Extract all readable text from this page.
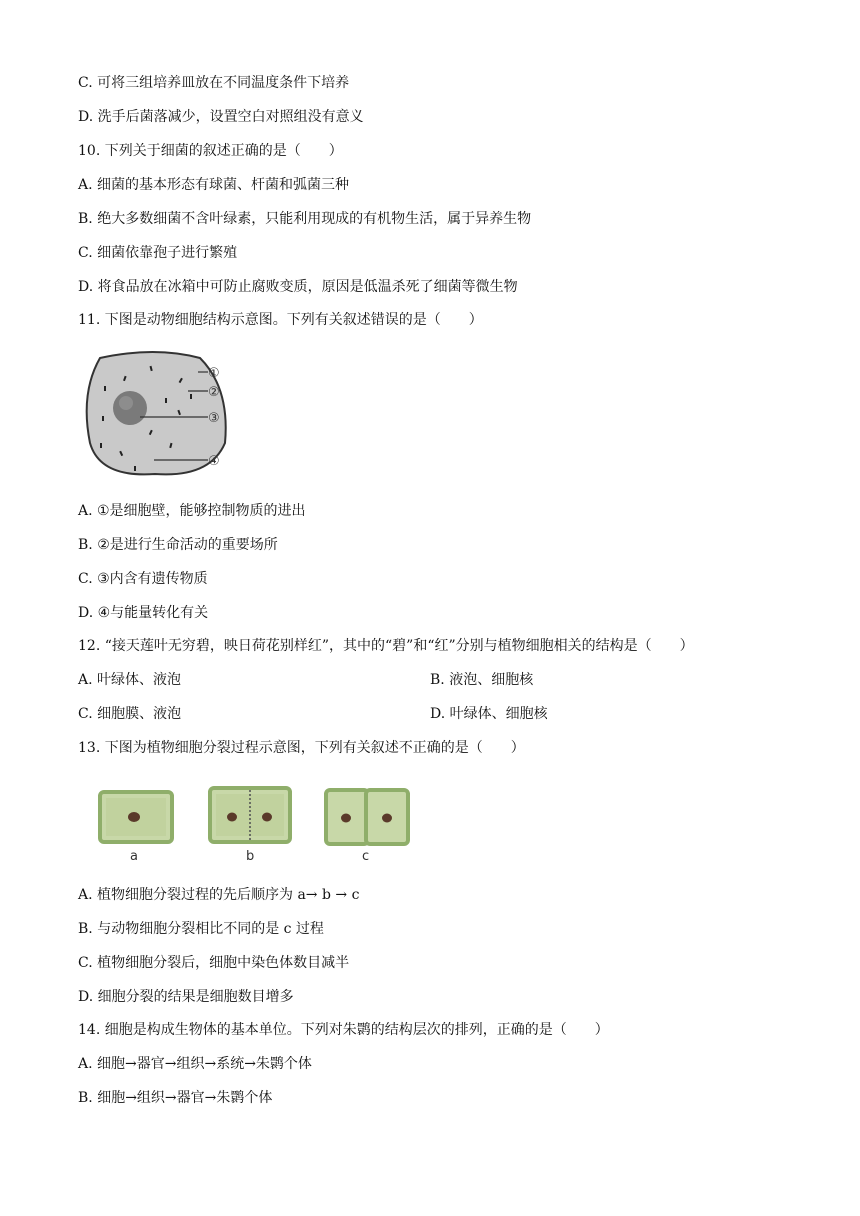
C. 可将三组培养皿放在不同温度条件下培养
D. 洗手后菌落减少，设置空白对照组没有意义
10. 下列关于细菌的叙述正确的是（　　）
A. 细菌的基本形态有球菌、杆菌和弧菌三种
B. 绝大多数细菌不含叶绿素，只能利用现成的有机物生活，属于异养生物
C. 细菌依靠孢子进行繁殖
D. 将食品放在冰箱中可防止腐败变质，原因是低温杀死了细菌等微生物
11. 下图是动物细胞结构示意图。下列有关叙述错误的是（　　）
①
②
③
④
A. ①是细胞壁，能够控制物质的进出
B. ②是进行生命活动的重要场所
C. ③内含有遗传物质
D. ④与能量转化有关
12. “接天莲叶无穷碧，映日荷花别样红”，其中的“碧”和“红”分别与植物细胞相关的结构是（　　）
A. 叶绿体、液泡	B. 液泡、细胞核
C. 细胞膜、液泡	D. 叶绿体、细胞核
13. 下图为植物细胞分裂过程示意图，下列有关叙述不正确的是（　　）
a	b	c
A. 植物细胞分裂过程的先后顺序为 a→ b → c
B. 与动物细胞分裂相比不同的是 c 过程
C. 植物细胞分裂后，细胞中染色体数目减半
D. 细胞分裂的结果是细胞数目增多
14. 细胞是构成生物体的基本单位。下列对朱鹮的结构层次的排列，正确的是（　　）
A. 细胞→器官→组织→系统→朱鹮个体
B. 细胞→组织→器官→朱鹮个体
